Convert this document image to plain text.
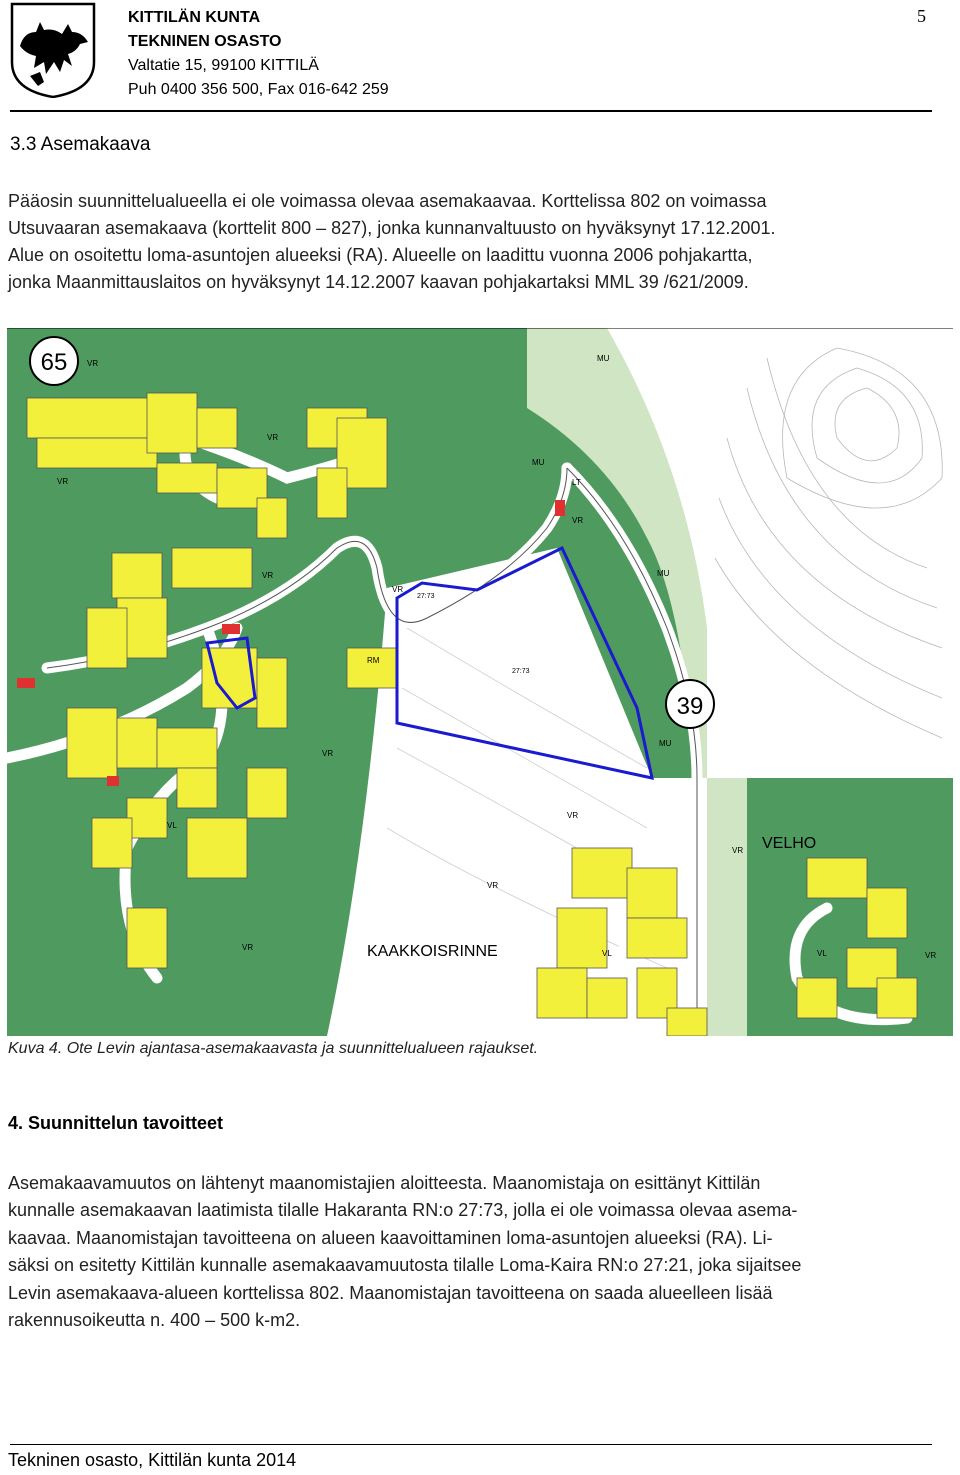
KITTILÄN KUNTA
TEKNINEN OSASTO
Valtatie 15, 99100 KITTILÄ
Puh 0400 356 500, Fax 016-642 259
5
3.3 Asemakaava
Pääosin suunnittelualueella ei ole voimassa olevaa asemakaavaa. Korttelissa 802 on voimassa
Utsuvaaran asemakaava (korttelit 800 – 827), jonka kunnanvaltuusto on hyväksynyt 17.12.2001.
Alue on osoitettu loma-asuntojen alueeksi (RA). Alueelle on laadittu vuonna 2006 pohjakartta,
jonka Maanmittauslaitos on hyväksynyt 14.12.2007 kaavan pohjakartaksi MML 39 /621/2009.
65
39
VELHO
KAAKKOISRINNE
27:73
27:73
VR
VR
VR
VR
VR
VR
VR
VR
VR
VR
VR
VR
MU
MU
MU
MU
LT
VL
VL	VL
RM
Kuva 4. Ote Levin ajantasa-asemakaavasta ja suunnittelualueen rajaukset.
4. Suunnittelun tavoitteet
Asemakaavamuutos on lähtenyt maanomistajien aloitteesta. Maanomistaja on esittänyt Kittilän
kunnalle asemakaavan laatimista tilalle Hakaranta RN:o 27:73, jolla ei ole voimassa olevaa asema-
kaavaa. Maanomistajan tavoitteena on alueen kaavoittaminen loma-asuntojen alueeksi (RA). Li-
säksi on esitetty Kittilän kunnalle asemakaavamuutosta tilalle Loma-Kaira RN:o 27:21, joka sijaitsee
Levin asemakaava-alueen korttelissa 802. Maanomistajan tavoitteena on saada alueelleen lisää
rakennusoikeutta n. 400 – 500 k-m2.
Tekninen osasto, Kittilän kunta 2014
